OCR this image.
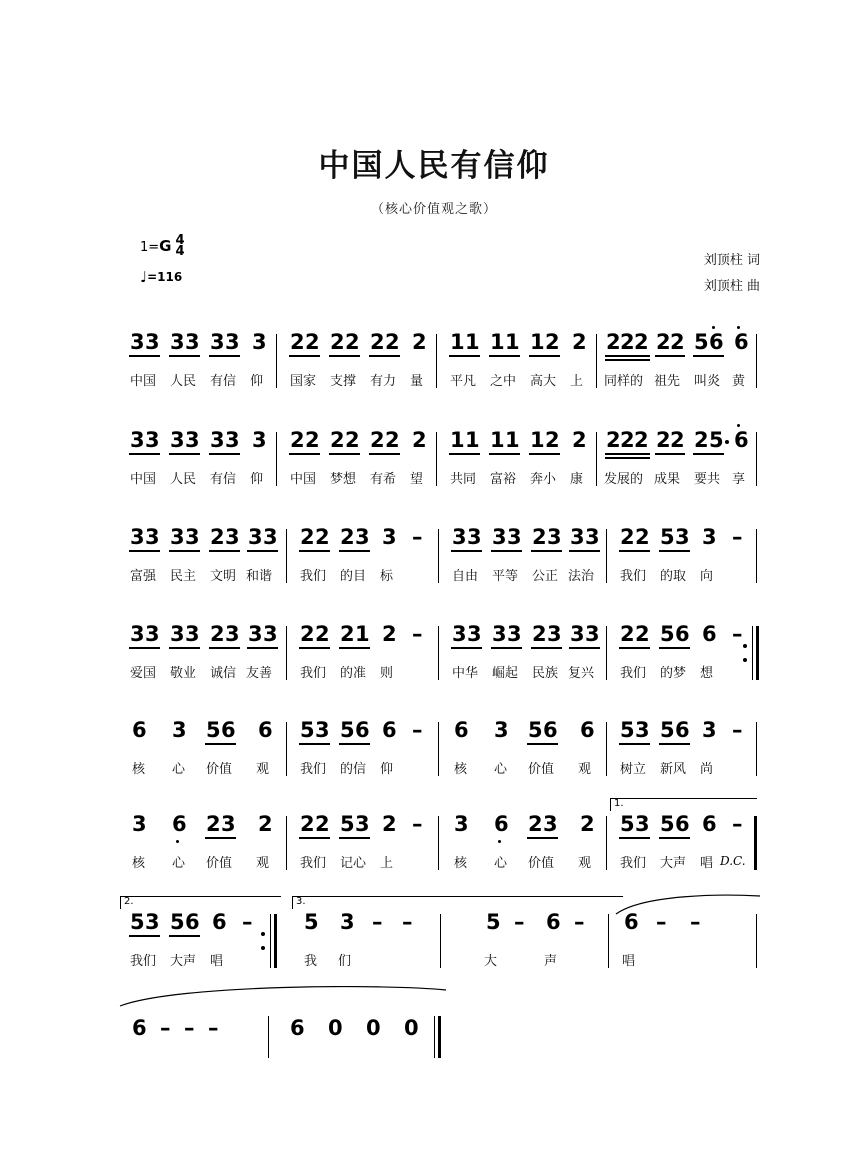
中国人民有信仰
（核心价值观之歌）
1=G 4
4
♩=116
刘顶柱 词
刘顶柱 曲
3 3 3 3 3 3 3
中国 人民 有信 仰
2 2 2 2 2 2 2
国家 支撑 有力 量
1 1 1 1 1 2 2
平凡 之中 高大 上
2 2 2 2 2 5 6 6
同样的 祖先 叫炎 黄
3 3 3 3 3 3 3
中国 人民 有信 仰
2 2 2 2 2 2 2
中国 梦想 有希 望
1 1 1 1 1 2 2
共同 富裕 奔小 康
2 2 2 2 2 2 5 6
发展的 成果 要共 享
3 3 3 3 2 3 3 3
富强 民主 文明 和谐
2 2 2 3 3 –
我们 的目 标
3 3 3 3 2 3 3 3
自由 平等 公正 法治
2 2 5 3 3 –
我们 的取 向
3 3 3 3 2 3 3 3
爱国 敬业 诚信 友善
2 2 2 1 2 –
我们 的准 则
3 3 3 3 2 3 3 3
中华 崛起 民族 复兴
2 2 5 6 6 –
我们 的梦 想
6 3 5 6 6
核 心 价值 观
5 3 5 6 6 –
我们 的信 仰
6 3 5 6 6
核 心 价值 观
5 3 5 6 3 –
树立 新风 尚
3 6 2 3 2
核 心 价值 观
2 2 5 3 2 –
我们 记心 上
3 6 2 3 2
核 心 价值 观
1.
5 3 5 6 6 –
我们 大声 唱 D.C.
2.
5 3 5 6 6 –
我们 大声 唱
3.
5 3 – –
我 们
5 – 6 –
大	声
6 – –
唱
6 – – –	6 0 0 0
